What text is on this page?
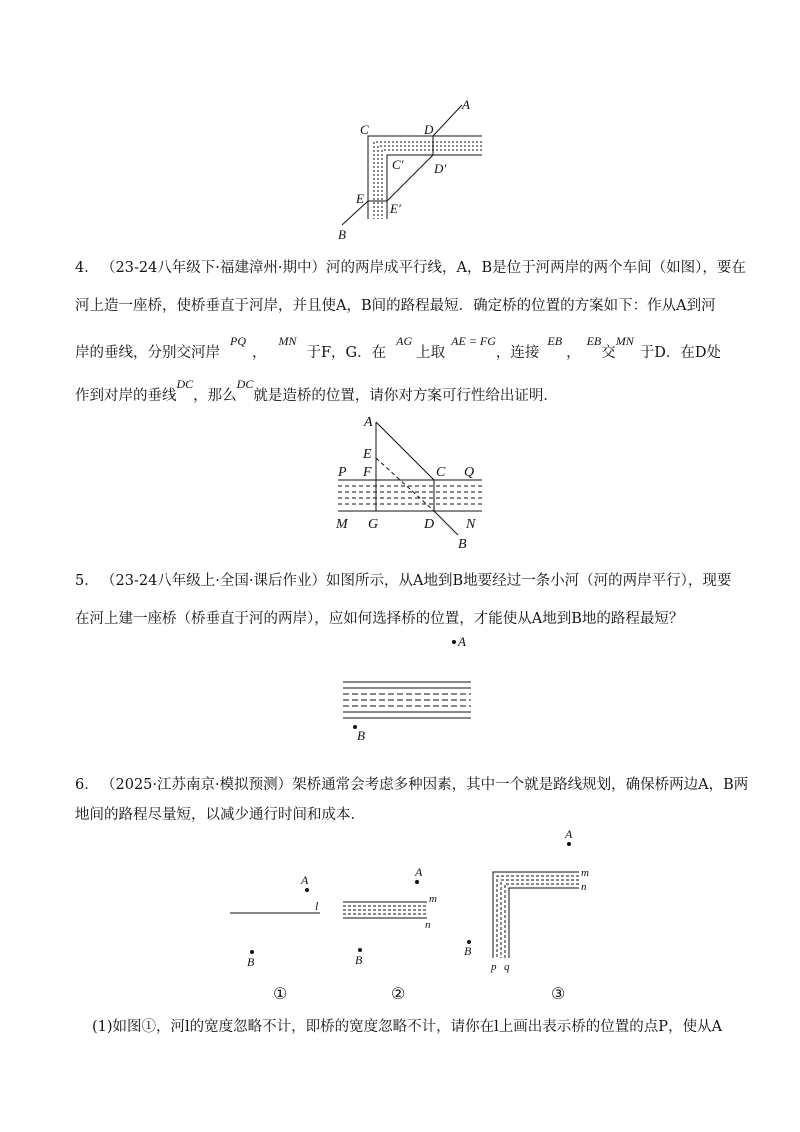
A
B
C	D
C′ D′
E
E′
4． （23-24八年级下·福建漳州·期中）河的两岸成平行线，A，B是位于河两岸的两个车间（如图），要在
河上造一座桥，使桥垂直于河岸，并且使A，B间的路程最短．确定桥的位置的方案如下：作从A到河
岸的垂线，分别交河岸$^{PQ}$，$^{MN}$于F，G．在$^{AG}$上取$^{AE = FG}$，连接$^{EB}$，$^{EB}$交$^{MN}$于D．在D处
作到对岸的垂线$^{DC}$，那么$^{DC}$就是造桥的位置，请你对方案可行性给出证明．
A
E
F
P	C Q
M G	D N
B
5． （23-24八年级上·全国·课后作业）如图所示，从A地到B地要经过一条小河（河的两岸平行），现要
在河上建一座桥（桥垂直于河的两岸），应如何选择桥的位置，才能使从A地到B地的路程最短？
A
B
6． （2025·江苏南京·模拟预测）架桥通常会考虑多种因素，其中一个就是路线规划，确保桥两边A，B两
地间的路程尽量短，以减少通行时间和成本．
A
l
B
①
A
m
n
B
②
A
m
n
p q
B
③
(1)如图①，河l的宽度忽略不计，即桥的宽度忽略不计，请你在l上画出表示桥的位置的点P，使从A
